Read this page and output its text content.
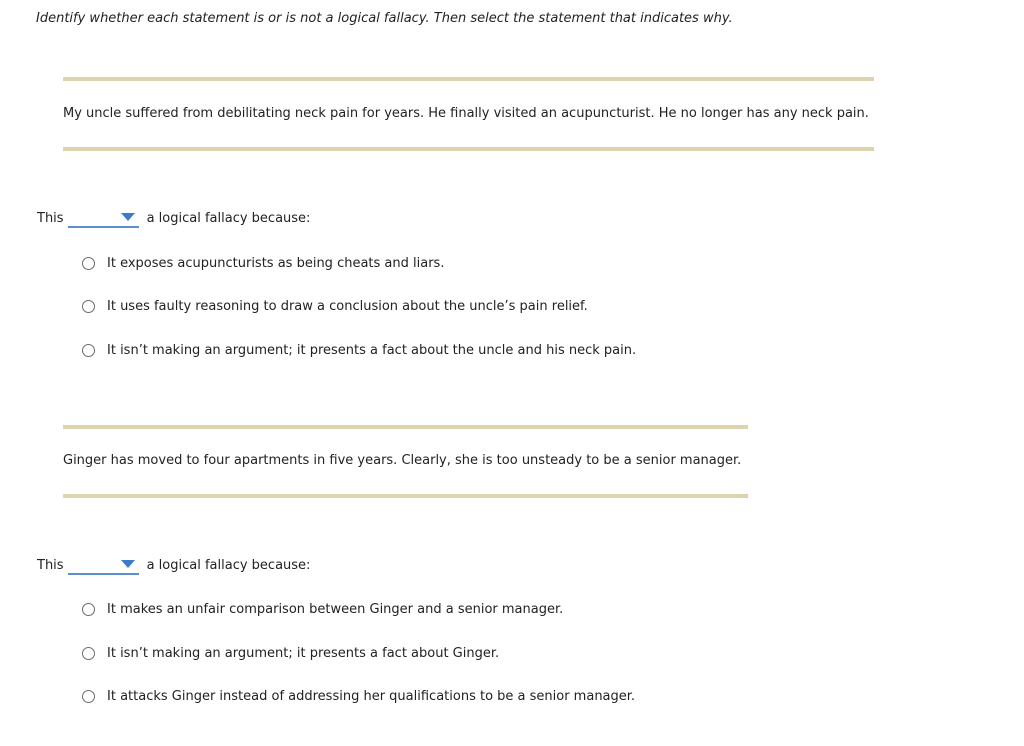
Identify whether each statement is or is not a logical fallacy. Then select the statement that indicates why.
My uncle suffered from debilitating neck pain for years. He finally visited an acupuncturist. He no longer has any neck pain.
This	a logical fallacy because:
It exposes acupuncturists as being cheats and liars.
It uses faulty reasoning to draw a conclusion about the uncle’s pain relief.
It isn’t making an argument; it presents a fact about the uncle and his neck pain.
Ginger has moved to four apartments in five years. Clearly, she is too unsteady to be a senior manager.
This	a logical fallacy because:
It makes an unfair comparison between Ginger and a senior manager.
It isn’t making an argument; it presents a fact about Ginger.
It attacks Ginger instead of addressing her qualifications to be a senior manager.
